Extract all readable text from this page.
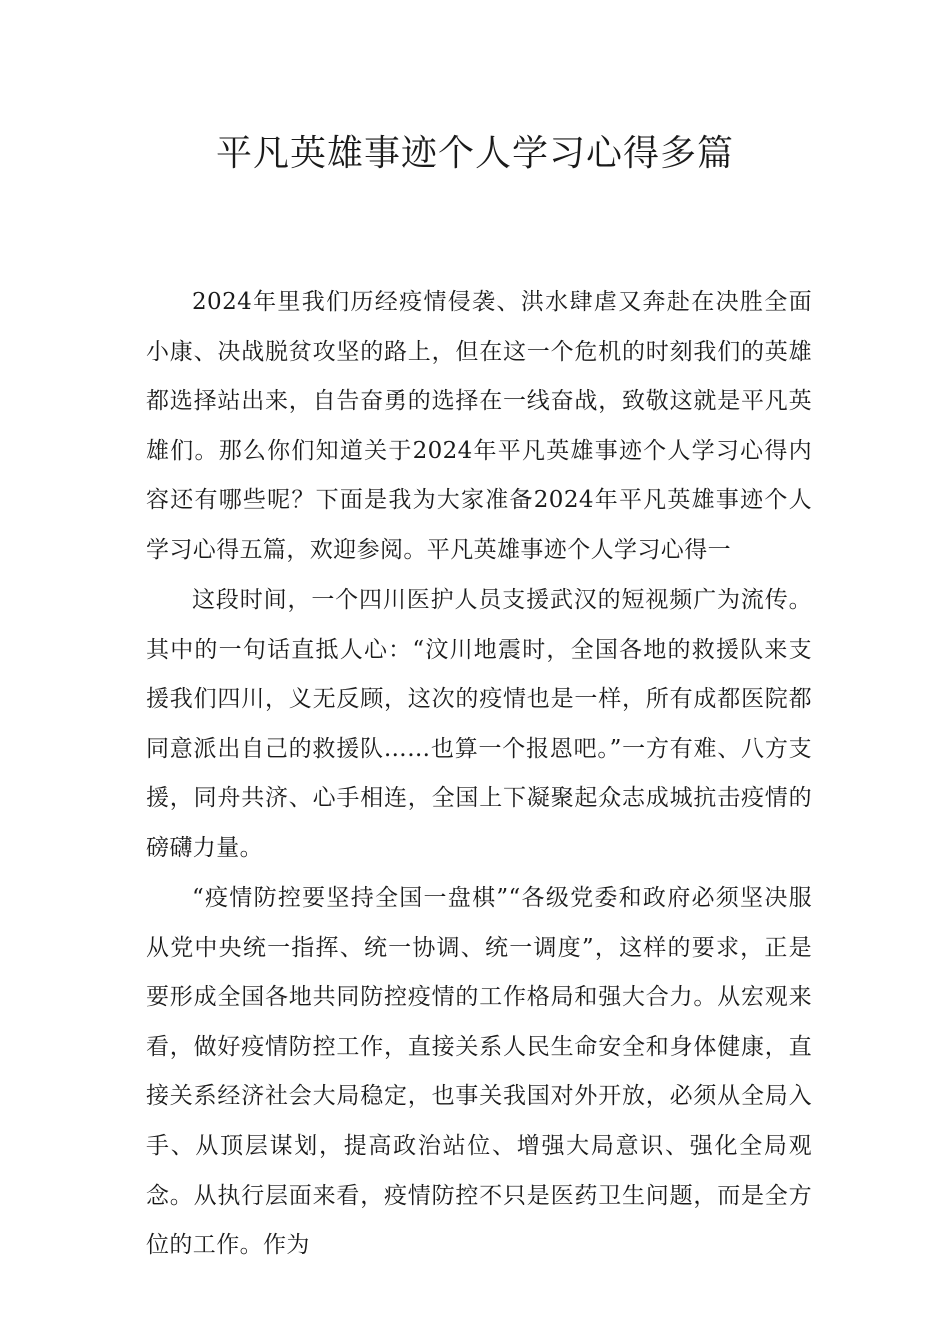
平凡英雄事迹个人学习心得多篇

2024年里我们历经疫情侵袭、洪水肆虐又奔赴在决胜全面小康、决战脱贫攻坚的路上，但在这一个危机的时刻我们的英雄都选择站出来，自告奋勇的选择在一线奋战，致敬这就是平凡英雄们。那么你们知道关于2024年平凡英雄事迹个人学习心得内容还有哪些呢？下面是我为大家准备2024年平凡英雄事迹个人学习心得五篇，欢迎参阅。平凡英雄事迹个人学习心得一

这段时间，一个四川医护人员支援武汉的短视频广为流传。其中的一句话直抵人心：“汶川地震时，全国各地的救援队来支援我们四川，义无反顾，这次的疫情也是一样，所有成都医院都同意派出自己的救援队……也算一个报恩吧。”一方有难、八方支援，同舟共济、心手相连，全国上下凝聚起众志成城抗击疫情的磅礴力量。

“疫情防控要坚持全国一盘棋”“各级党委和政府必须坚决服从党中央统一指挥、统一协调、统一调度”，这样的要求，正是要形成全国各地共同防控疫情的工作格局和强大合力。从宏观来看，做好疫情防控工作，直接关系人民生命安全和身体健康，直接关系经济社会大局稳定，也事关我国对外开放，必须从全局入手、从顶层谋划，提高政治站位、增强大局意识、强化全局观念。从执行层面来看，疫情防控不只是医药卫生问题，而是全方位的工作。作为
